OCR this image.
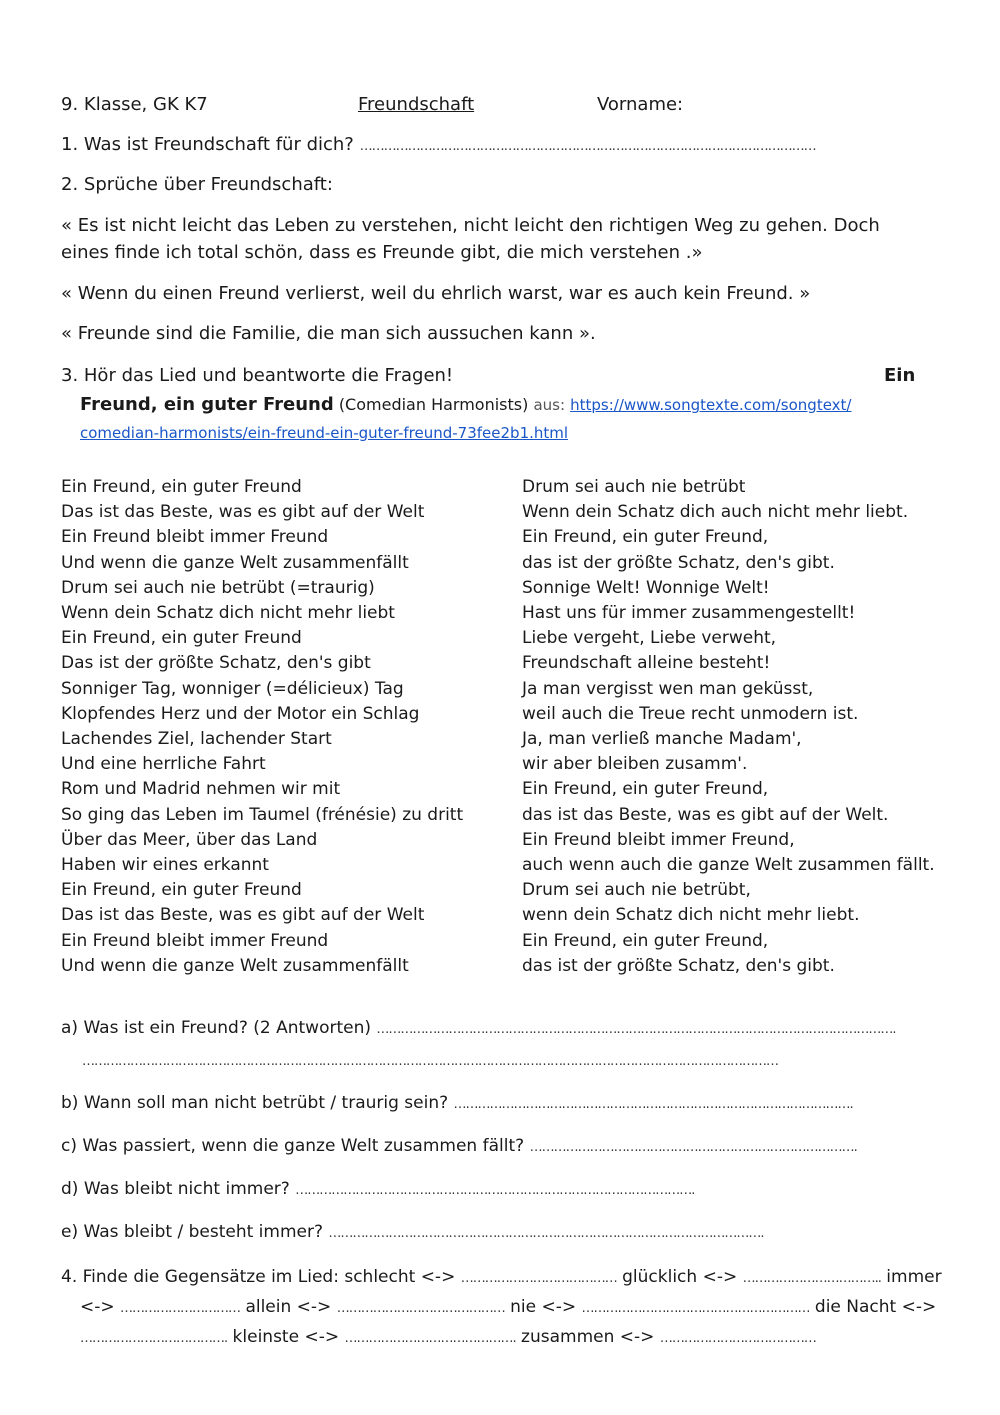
9. Klasse, GK K7	Freundschaft	Vorname:
1. Was ist Freundschaft für dich? ……………………………………………………………………………………………………
2. Sprüche über Freundschaft:
« Es ist nicht leicht das Leben zu verstehen, nicht leicht den richtigen Weg zu gehen. Doch
eines finde ich total schön, dass es Freunde gibt, die mich verstehen .»
« Wenn du einen Freund verlierst, weil du ehrlich warst, war es auch kein Freund. »
« Freunde sind die Familie, die man sich aussuchen kann ».
3. Hör das Lied und beantworte die Fragen!	Ein
Freund, ein guter Freund (Comedian Harmonists) aus: https://www.songtexte.com/songtext/
comedian-harmonists/ein-freund-ein-guter-freund-73fee2b1.html
Ein Freund, ein guter Freund
Das ist das Beste, was es gibt auf der Welt
Ein Freund bleibt immer Freund
Und wenn die ganze Welt zusammenfällt
Drum sei auch nie betrübt (=traurig)
Wenn dein Schatz dich nicht mehr liebt
Ein Freund, ein guter Freund
Das ist der größte Schatz, den's gibt
Sonniger Tag, wonniger (=délicieux) Tag
Klopfendes Herz und der Motor ein Schlag
Lachendes Ziel, lachender Start
Und eine herrliche Fahrt
Rom und Madrid nehmen wir mit
So ging das Leben im Taumel (frénésie) zu dritt
Über das Meer, über das Land
Haben wir eines erkannt
Ein Freund, ein guter Freund
Das ist das Beste, was es gibt auf der Welt
Ein Freund bleibt immer Freund
Und wenn die ganze Welt zusammenfällt
Drum sei auch nie betrübt
Wenn dein Schatz dich auch nicht mehr liebt.
Ein Freund, ein guter Freund,
das ist der größte Schatz, den's gibt.
Sonnige Welt! Wonnige Welt!
Hast uns für immer zusammengestellt!
Liebe vergeht, Liebe verweht,
Freundschaft alleine besteht!
Ja man vergisst wen man geküsst,
weil auch die Treue recht unmodern ist.
Ja, man verließ manche Madam',
wir aber bleiben zusamm'.
Ein Freund, ein guter Freund,
das ist das Beste, was es gibt auf der Welt.
Ein Freund bleibt immer Freund,
auch wenn auch die ganze Welt zusammen fällt.
Drum sei auch nie betrübt,
wenn dein Schatz dich nicht mehr liebt.
Ein Freund, ein guter Freund,
das ist der größte Schatz, den's gibt.
a) Was ist ein Freund? (2 Antworten) ………………………………………………………………………………………………………………….
…………………………………………………………………………………………………………………………………………………………
b) Wann soll man nicht betrübt / traurig sein? ……………………………………………………………………………………….
c) Was passiert, wenn die ganze Welt zusammen fällt? ……………………………………………………………………….
d) Was bleibt nicht immer? ……………………………………………………………………………………….
e) Was bleibt / besteht immer? ……………………………………………………………………………………………….
4. Finde die Gegensätze im Lied: schlecht <-> ………………………………… glücklich <-> …………………………….. immer
<-> ………………………… allein <-> …………………………………… nie <-> ………………………………………………… die Nacht <->
………………………………. kleinste <-> ……………………………………. zusammen <-> …………………………………
